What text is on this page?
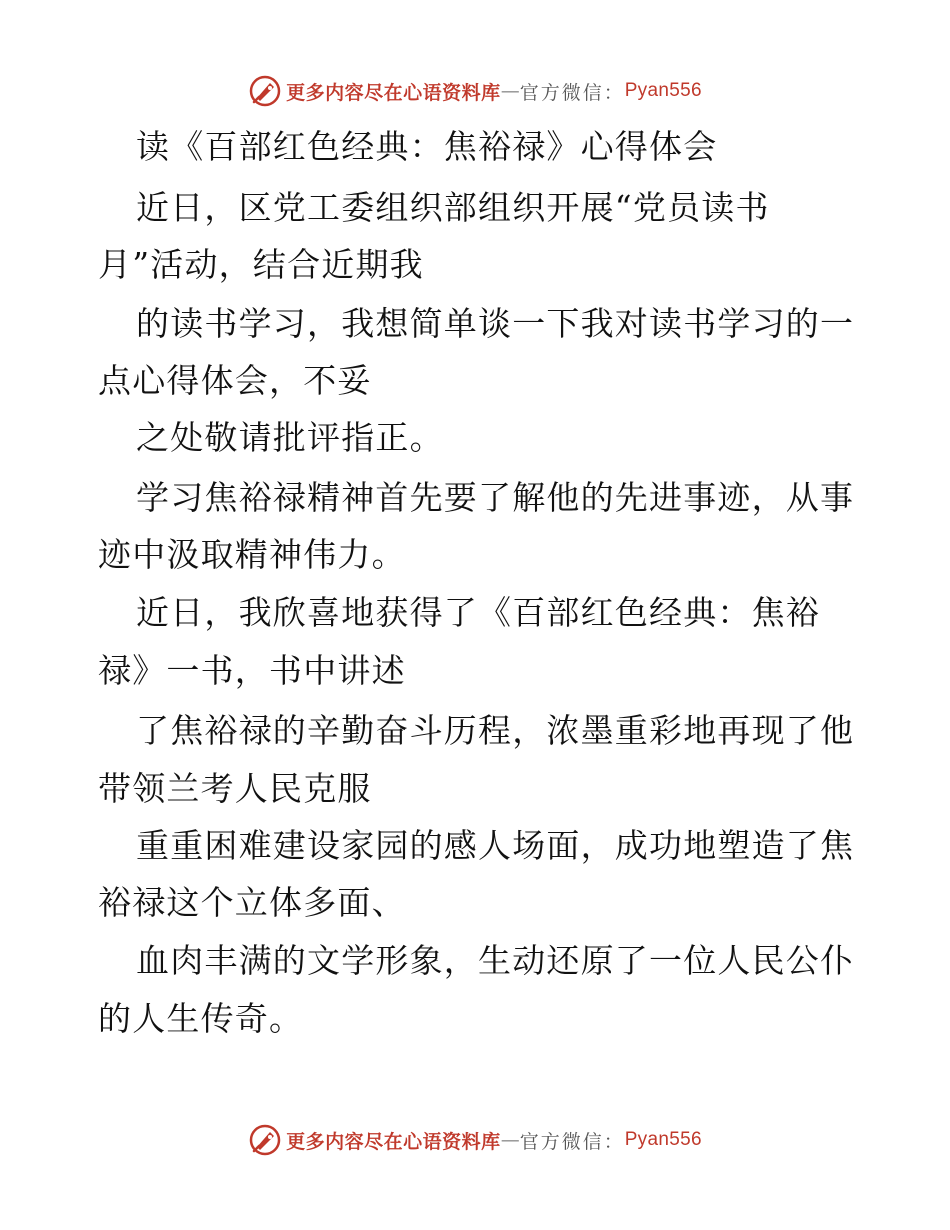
更多内容尽在心语资料库 — 官方微信： Pyan556
读《百部红色经典：焦裕禄》心得体会
近日，区党工委组织部组织开展“党员读书
月”活动，结合近期我
的读书学习，我想简单谈一下我对读书学习的一
点心得体会，不妥
之处敬请批评指正。
学习焦裕禄精神首先要了解他的先进事迹，从事
迹中汲取精神伟力。
近日，我欣喜地获得了《百部红色经典：焦裕
禄》一书，书中讲述
了焦裕禄的辛勤奋斗历程，浓墨重彩地再现了他
带领兰考人民克服
重重困难建设家园的感人场面，成功地塑造了焦
裕禄这个立体多面、
血肉丰满的文学形象，生动还原了一位人民公仆
的人生传奇。
更多内容尽在心语资料库 — 官方微信： Pyan556
